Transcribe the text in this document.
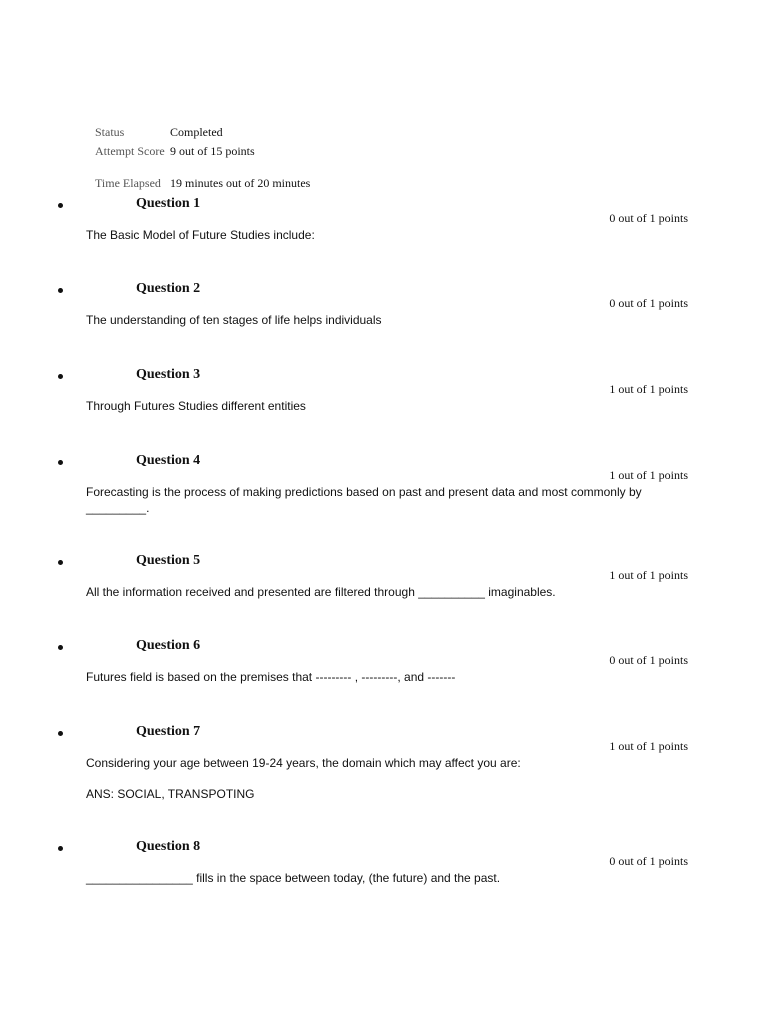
Status	Completed
Attempt Score	9 out of 15 points
Time Elapsed	19 minutes out of 20 minutes
Question 1
0 out of 1 points
The Basic Model of Future Studies include:
Question 2
0 out of 1 points
The understanding of ten stages of life helps individuals
Question 3
1 out of 1 points
Through Futures Studies different entities
Question 4
1 out of 1 points
Forecasting is the process of making predictions based on past and present data and most commonly by _________.
Question 5
1 out of 1 points
All the information received and presented are filtered through __________ imaginables.
Question 6
0 out of 1 points
Futures field is based on the premises that --------- , ---------, and -------
Question 7
1 out of 1 points
Considering your age between 19-24 years, the domain which may affect you are:
ANS: SOCIAL, TRANSPOTING
Question 8
0 out of 1 points
________________ fills in the space between today, (the future) and the past.
